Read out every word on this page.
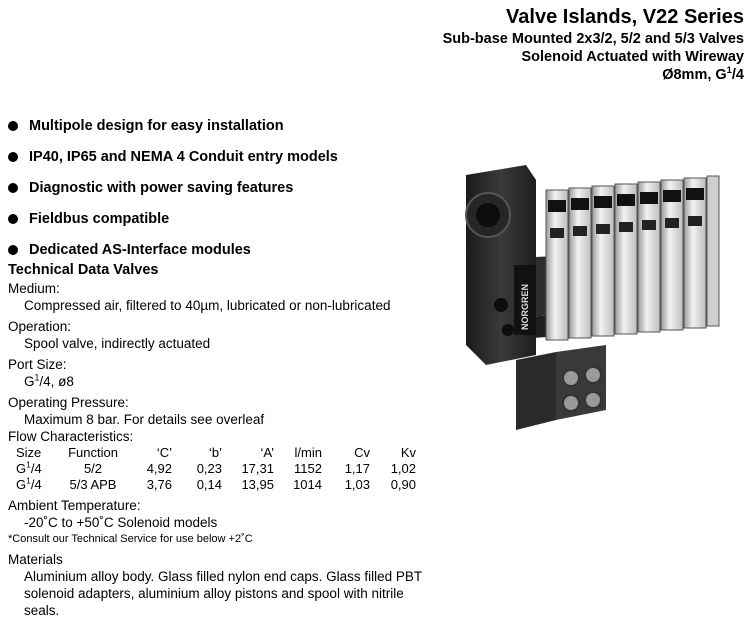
Valve Islands, V22 Series
Sub-base Mounted 2x3/2, 5/2 and 5/3 Valves
Solenoid Actuated with Wireway
Ø8mm, $G^1/4$
Multipole design for easy installation
IP40, IP65 and NEMA 4 Conduit entry models
Diagnostic with power saving features
Fieldbus compatible
Dedicated AS-Interface modules
Technical Data Valves
Medium:
Compressed air, filtered to 40µm, lubricated or non-lubricated
Operation:
Spool valve, indirectly actuated
Port Size:
$G^1/4$, ø8
Operating Pressure:
Maximum 8 bar. For details see overleaf
Flow Characteristics:
Size	Function	‘C’	‘b’	‘A’	l/min	Cv	Kv
$G^1/4$	5/2	4,92	0,23	17,31	1152	1,17	1,02
$G^1/4$	5/3 APB	3,76	0,14	13,95	1014	1,03	0,90
Ambient Temperature:
-20˚C to +50˚C Solenoid models
*Consult our Technical Service for use below +2˚C
Materials
Aluminium alloy body. Glass filled nylon end caps. Glass filled PBT solenoid adapters, aluminium alloy pistons and spool with nitrile seals.
NORGREN
